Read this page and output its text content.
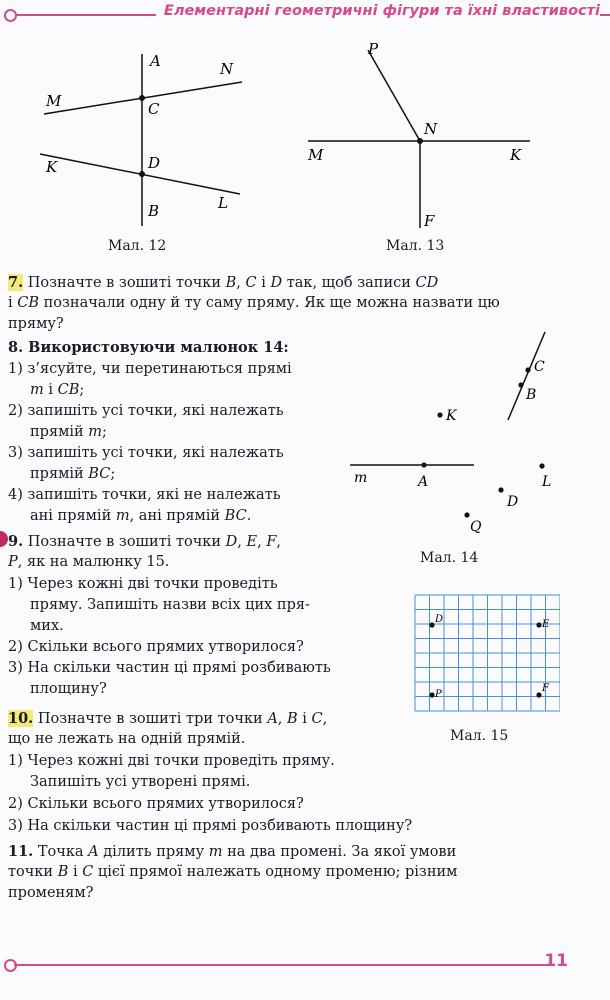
Елементарні геометричні фігури та їхні властивості
A	N
M	C
K	D
B	L
Мал. 12
P
N
M	K
F
Мал. 13

7. Позначте в зошиті точки B, C і D так, щоб записи CD

і CB позначали одну й ту саму пряму. Як ще можна назвати цю пряму?

8. Використовуючи малюнок 14:

1) з’ясуйте, чи перетинаються прямі

m і CB;

2) запишіть усі точки, які належать

прямій m;

3) запишіть усі точки, які належать

прямій BC;

4) запишіть точки, які не належать

ані прямій m, ані прямій BC.

C
B
K
m	A	L
D
Q
Мал. 14

9. Позначте в зошиті точки D, E, F,

P, як на малюнку 15.

1) Через кожні дві точки проведіть

пряму. Запишіть назви всіх цих пря-

мих.

2) Скільки всього прямих утворилося?

3) На скільки частин ці прямі розбивають

площину?

D	E
P
F
Мал. 15

10. Позначте в зошиті три точки A, B і C,

що не лежать на одній прямій.

1) Через кожні дві точки проведіть пряму.

Запишіть усі утворені прямі.

2) Скільки всього прямих утворилося?

3) На скільки частин ці прямі розбивають площину?

11. Точка A ділить пряму m на два промені. За якої умови

точки B і C цієї прямої належать одному променю; різним

променям?

11
